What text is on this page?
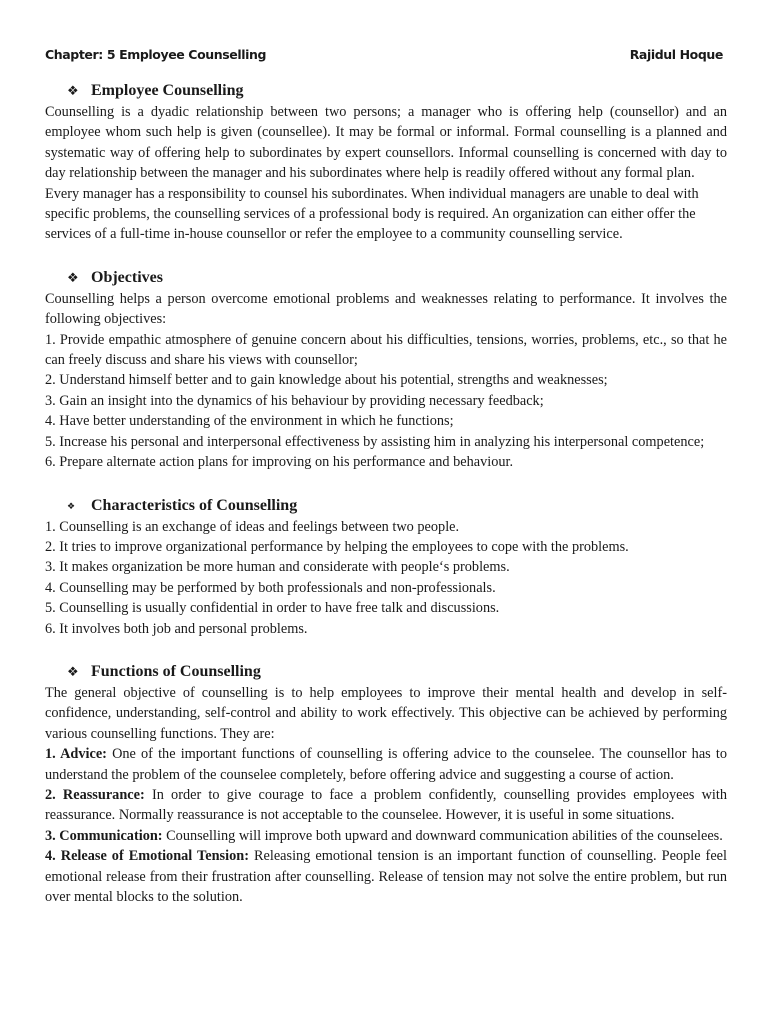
Chapter: 5 Employee Counselling	Rajidul Hoque
❖ Employee Counselling

Counselling is a dyadic relationship between two persons; a manager who is offering help (counsellor) and an employee whom such help is given (counsellee). It may be formal or informal. Formal counselling is a planned and systematic way of offering help to subordinates by expert counsellors. Informal counselling is concerned with day to day relationship between the manager and his subordinates where help is readily offered without any formal plan.

Every manager has a responsibility to counsel his subordinates. When individual managers are unable to deal with specific problems, the counselling services of a professional body is required. An organization can either offer the services of a full-time in-house counsellor or refer the employee to a community counselling service.

❖ Objectives

Counselling helps a person overcome emotional problems and weaknesses relating to performance. It involves the following objectives:

1. Provide empathic atmosphere of genuine concern about his difficulties, tensions, worries, problems, etc., so that he can freely discuss and share his views with counsellor;

2. Understand himself better and to gain knowledge about his potential, strengths and weaknesses;

3. Gain an insight into the dynamics of his behaviour by providing necessary feedback;

4. Have better understanding of the environment in which he functions;

5. Increase his personal and interpersonal effectiveness by assisting him in analyzing his interpersonal competence;

6. Prepare alternate action plans for improving on his performance and behaviour.

❖ Characteristics of Counselling

1. Counselling is an exchange of ideas and feelings between two people.

2. It tries to improve organizational performance by helping the employees to cope with the problems.

3. It makes organization be more human and considerate with people‘s problems.

4. Counselling may be performed by both professionals and non-professionals.

5. Counselling is usually confidential in order to have free talk and discussions.

6. It involves both job and personal problems.

❖ Functions of Counselling

The general objective of counselling is to help employees to improve their mental health and develop in self-confidence, understanding, self-control and ability to work effectively. This objective can be achieved by performing various counselling functions. They are:

1. Advice: One of the important functions of counselling is offering advice to the counselee. The counsellor has to understand the problem of the counselee completely, before offering advice and suggesting a course of action.

2. Reassurance: In order to give courage to face a problem confidently, counselling provides employees with reassurance. Normally reassurance is not acceptable to the counselee. However, it is useful in some situations.

3. Communication: Counselling will improve both upward and downward communication abilities of the counselees.

4. Release of Emotional Tension: Releasing emotional tension is an important function of counselling. People feel emotional release from their frustration after counselling. Release of tension may not solve the entire problem, but run over mental blocks to the solution.
